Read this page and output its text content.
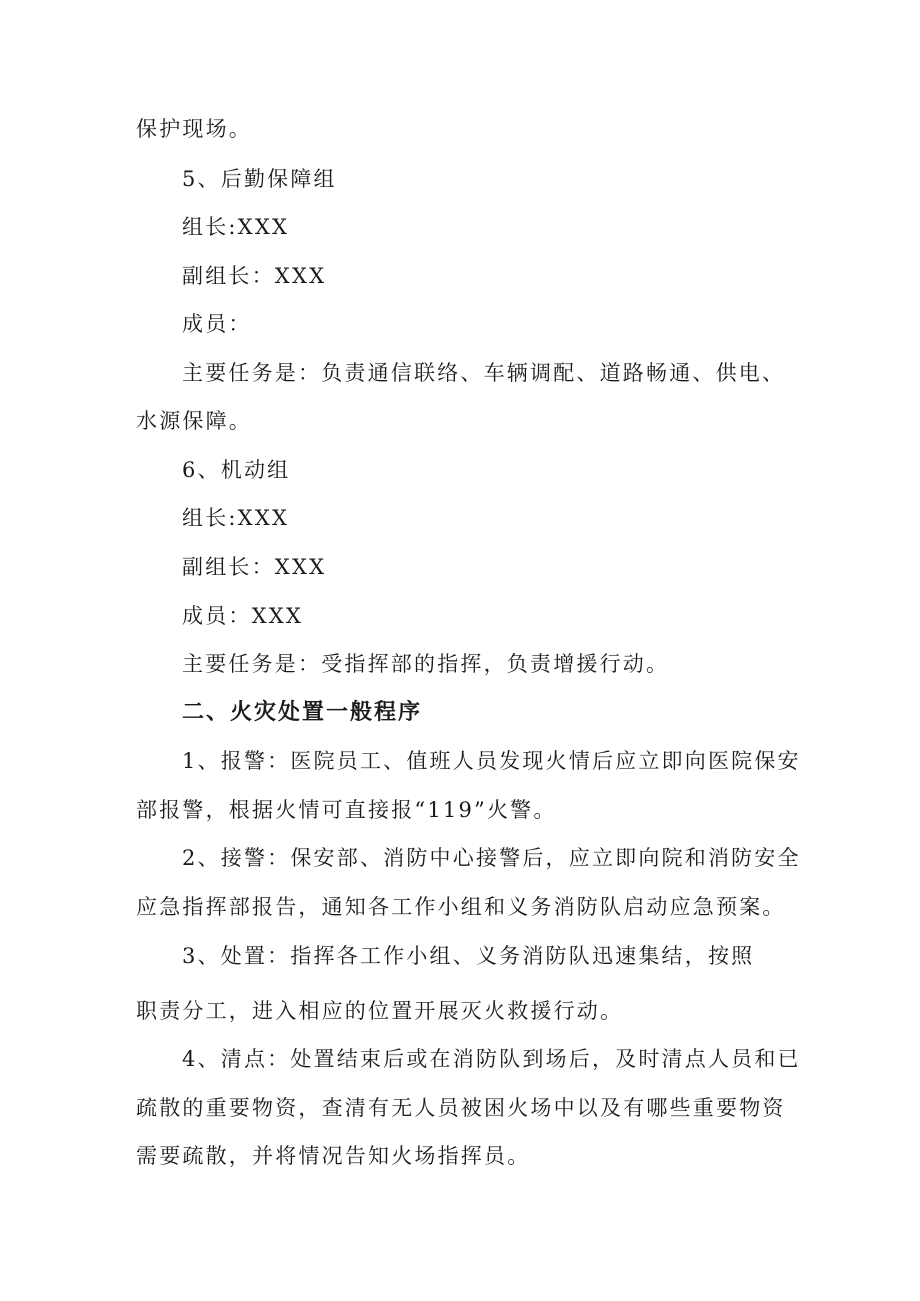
保护现场。
5、后勤保障组
组长:XXX
副组长：XXX
成员：
主要任务是：负责通信联络、车辆调配、道路畅通、供电、
水源保障。
6、机动组
组长:XXX
副组长：XXX
成员：XXX
主要任务是：受指挥部的指挥，负责增援行动。
二、火灾处置一般程序
1、报警：医院员工、值班人员发现火情后应立即向医院保安
部报警，根据火情可直接报“119”火警。
2、接警：保安部、消防中心接警后，应立即向院和消防安全
应急指挥部报告，通知各工作小组和义务消防队启动应急预案。
3、处置：指挥各工作小组、义务消防队迅速集结，按照
职责分工，进入相应的位置开展灭火救援行动。
4、清点：处置结束后或在消防队到场后，及时清点人员和已
疏散的重要物资，查清有无人员被困火场中以及有哪些重要物资
需要疏散，并将情况告知火场指挥员。
